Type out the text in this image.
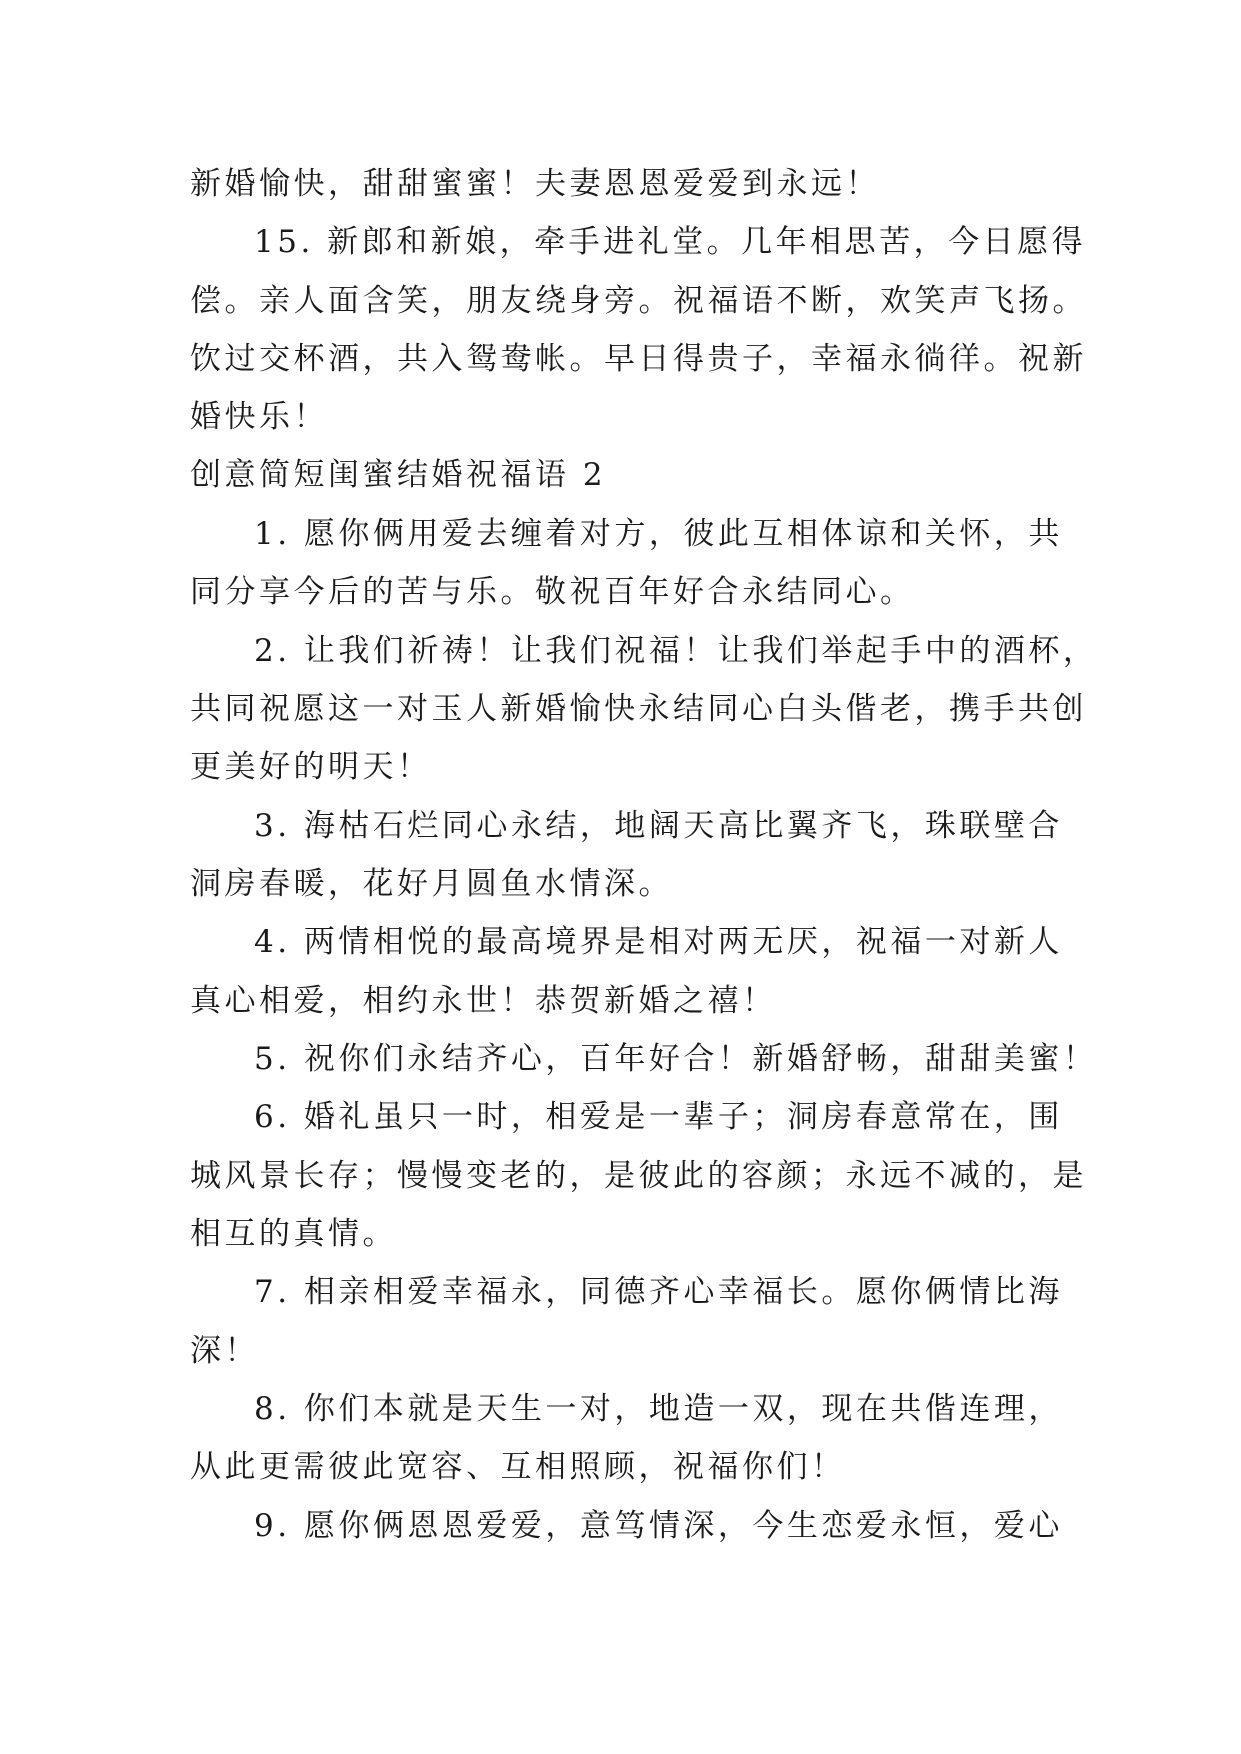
新婚愉快，甜甜蜜蜜！夫妻恩恩爱爱到永远！
15. 新郎和新娘，牵手进礼堂。几年相思苦，今日愿得
偿。亲人面含笑，朋友绕身旁。祝福语不断，欢笑声飞扬。
饮过交杯酒，共入鸳鸯帐。早日得贵子，幸福永徜徉。祝新
婚快乐！
创意简短闺蜜结婚祝福语 2
1. 愿你俩用爱去缠着对方，彼此互相体谅和关怀，共
同分享今后的苦与乐。敬祝百年好合永结同心。
2. 让我们祈祷！让我们祝福！让我们举起手中的酒杯，
共同祝愿这一对玉人新婚愉快永结同心白头偕老，携手共创
更美好的明天！
3. 海枯石烂同心永结，地阔天高比翼齐飞，珠联壁合
洞房春暖，花好月圆鱼水情深。
4. 两情相悦的最高境界是相对两无厌，祝福一对新人
真心相爱，相约永世！恭贺新婚之禧！
5. 祝你们永结齐心，百年好合！新婚舒畅，甜甜美蜜！
6. 婚礼虽只一时，相爱是一辈子；洞房春意常在，围
城风景长存；慢慢变老的，是彼此的容颜；永远不减的，是
相互的真情。
7. 相亲相爱幸福永，同德齐心幸福长。愿你俩情比海
深！
8. 你们本就是天生一对，地造一双，现在共偕连理，
从此更需彼此宽容、互相照顾，祝福你们！
9. 愿你俩恩恩爱爱，意笃情深，今生恋爱永恒，爱心
